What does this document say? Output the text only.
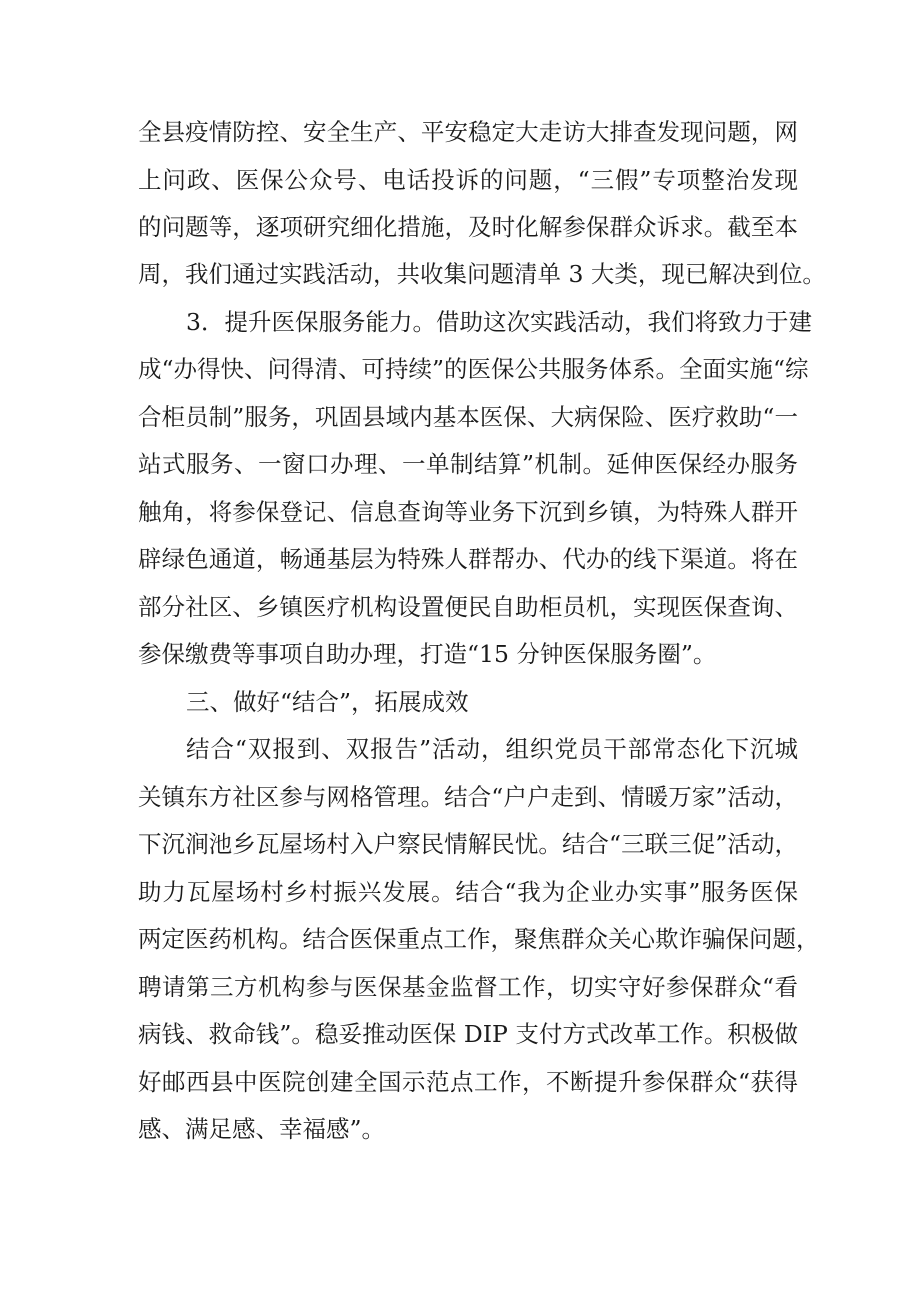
全县疫情防控、安全生产、平安稳定大走访大排查发现问题，网
上问政、医保公众号、电话投诉的问题，“三假”专项整治发现
的问题等，逐项研究细化措施，及时化解参保群众诉求。截至本
周，我们通过实践活动，共收集问题清单 3 大类，现已解决到位。
3．提升医保服务能力。借助这次实践活动，我们将致力于建
成“办得快、问得清、可持续”的医保公共服务体系。全面实施“综
合柜员制”服务，巩固县域内基本医保、大病保险、医疗救助“一
站式服务、一窗口办理、一单制结算”机制。延伸医保经办服务
触角，将参保登记、信息查询等业务下沉到乡镇，为特殊人群开
辟绿色通道，畅通基层为特殊人群帮办、代办的线下渠道。将在
部分社区、乡镇医疗机构设置便民自助柜员机，实现医保查询、
参保缴费等事项自助办理，打造“15 分钟医保服务圈”。
三、做好“结合”，拓展成效
结合“双报到、双报告”活动，组织党员干部常态化下沉城
关镇东方社区参与网格管理。结合“户户走到、情暖万家”活动，
下沉涧池乡瓦屋场村入户察民情解民忧。结合“三联三促”活动，
助力瓦屋场村乡村振兴发展。结合“我为企业办实事”服务医保
两定医药机构。结合医保重点工作，聚焦群众关心欺诈骗保问题，
聘请第三方机构参与医保基金监督工作，切实守好参保群众“看
病钱、救命钱”。稳妥推动医保 DIP 支付方式改革工作。积极做
好邮西县中医院创建全国示范点工作，不断提升参保群众“获得
感、满足感、幸福感”。
